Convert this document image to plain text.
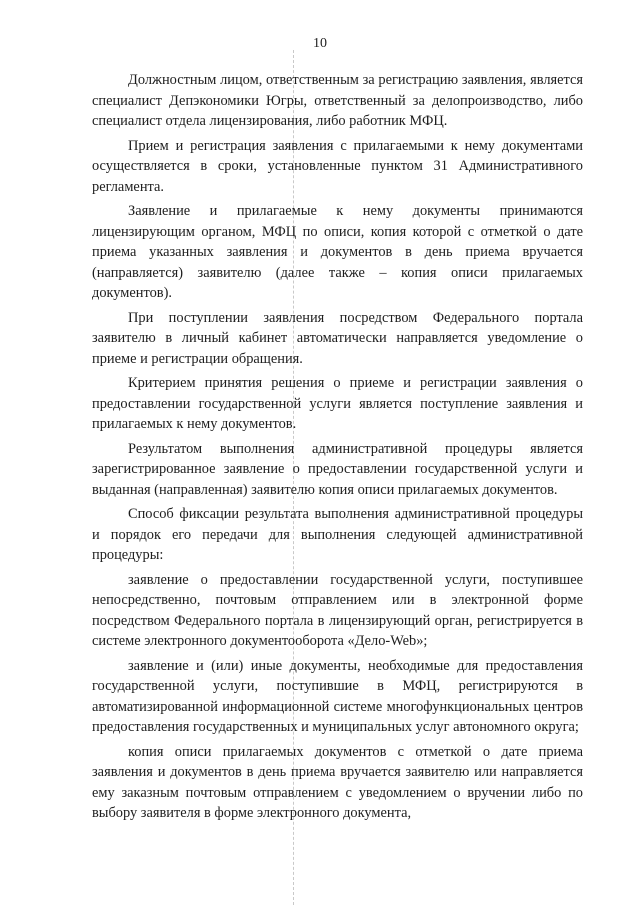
10

Должностным лицом, ответственным за регистрацию заявления, является специалист Депэкономики Югры, ответственный за делопроизводство, либо специалист отдела лицензирования, либо работник МФЦ.

Прием и регистрация заявления с прилагаемыми к нему документами осуществляется в сроки, установленные пунктом 31 Административного регламента.

Заявление и прилагаемые к нему документы принимаются лицензирующим органом, МФЦ по описи, копия которой с отметкой о дате приема указанных заявления и документов в день приема вручается (направляется) заявителю (далее также – копия описи прилагаемых документов).

При поступлении заявления посредством Федерального портала заявителю в личный кабинет автоматически направляется уведомление о приеме и регистрации обращения.

Критерием принятия решения о приеме и регистрации заявления о предоставлении государственной услуги является поступление заявления и прилагаемых к нему документов.

Результатом выполнения административной процедуры является зарегистрированное заявление о предоставлении государственной услуги и выданная (направленная) заявителю копия описи прилагаемых документов.

Способ фиксации результата выполнения административной процедуры и порядок его передачи для выполнения следующей административной процедуры:

заявление о предоставлении государственной услуги, поступившее непосредственно, почтовым отправлением или в электронной форме посредством Федерального портала в лицензирующий орган, регистрируется в системе электронного документооборота «Дело-Web»;

заявление и (или) иные документы, необходимые для предоставления государственной услуги, поступившие в МФЦ, регистрируются в автоматизированной информационной системе многофункциональных центров предоставления государственных и муниципальных услуг автономного округа;

копия описи прилагаемых документов с отметкой о дате приема заявления и документов в день приема вручается заявителю или направляется ему заказным почтовым отправлением с уведомлением о вручении либо по выбору заявителя в форме электронного документа,
